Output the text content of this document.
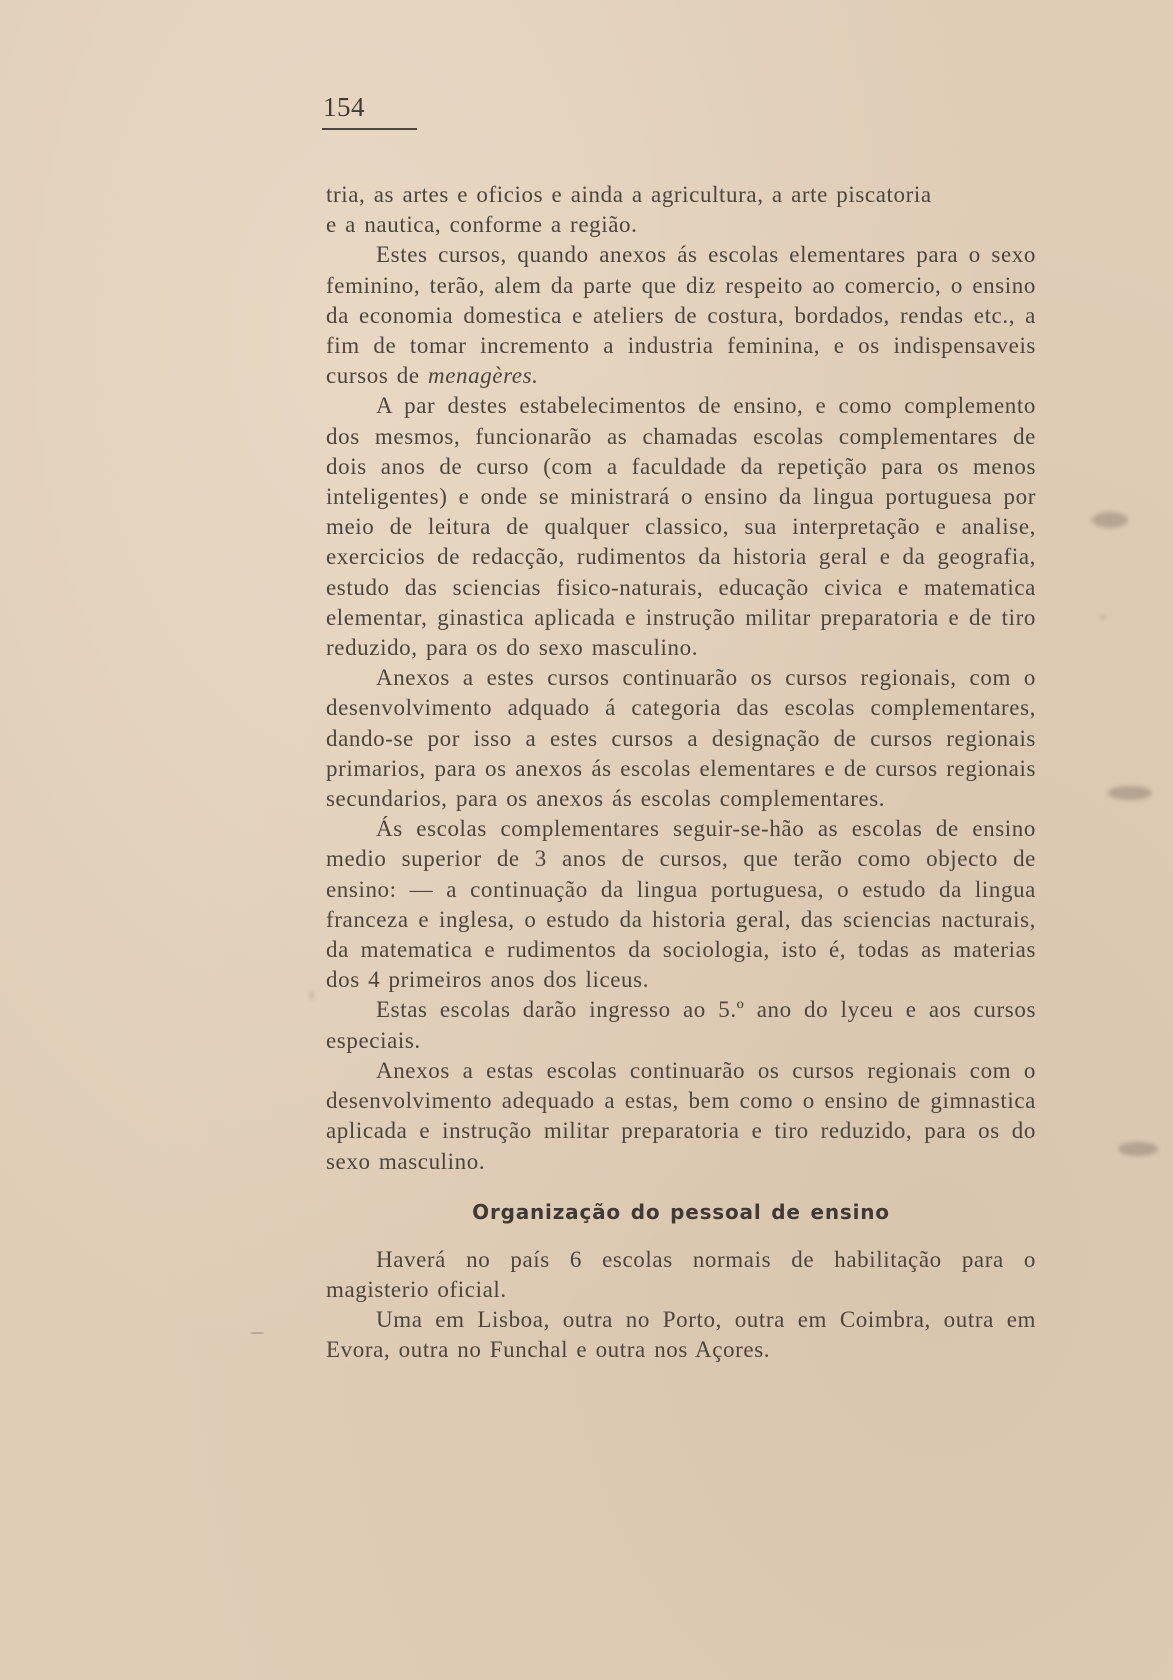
154

tria, as artes e oficios e ainda a agricultura, a arte piscatoria

e a nautica, conforme a região.

Estes cursos, quando anexos ás escolas elementares para o sexo feminino, terão, alem da parte que diz respeito ao comercio, o ensino da economia domestica e ateliers de costura, bordados, rendas etc., a fim de tomar incremento a industria feminina, e os indispensaveis cursos de menagères.

A par destes estabelecimentos de ensino, e como complemento dos mesmos, funcionarão as chamadas escolas complementares de dois anos de curso (com a faculdade da repetição para os menos inteligentes) e onde se ministrará o ensino da lingua portuguesa por meio de leitura de qualquer classico, sua interpretação e analise, exercicios de redacção, rudimentos da historia geral e da geografia, estudo das sciencias fisico-naturais, educação civica e matematica elementar, ginastica aplicada e instrução militar preparatoria e de tiro reduzido, para os do sexo masculino.

Anexos a estes cursos continuarão os cursos regionais, com o desenvolvimento adquado á categoria das escolas complementares, dando-se por isso a estes cursos a designação de cursos regionais primarios, para os anexos ás escolas elementares e de cursos regionais secundarios, para os anexos ás escolas complementares.

Ás escolas complementares seguir-se-hão as escolas de ensino medio superior de 3 anos de cursos, que terão como objecto de ensino: — a continuação da lingua portuguesa, o estudo da lingua franceza e inglesa, o estudo da historia geral, das sciencias nacturais, da matematica e rudimentos da sociologia, isto é, todas as materias dos 4 primeiros anos dos liceus.

Estas escolas darão ingresso ao 5.º ano do lyceu e aos cursos especiais.

Anexos a estas escolas continuarão os cursos regionais com o desenvolvimento adequado a estas, bem como o ensino de gimnastica aplicada e instrução militar preparatoria e tiro reduzido, para os do sexo masculino.

Organização do pessoal de ensino

Haverá no país 6 escolas normais de habilitação para o magisterio oficial.

Uma em Lisboa, outra no Porto, outra em Coimbra, outra em Evora, outra no Funchal e outra nos Açores.
